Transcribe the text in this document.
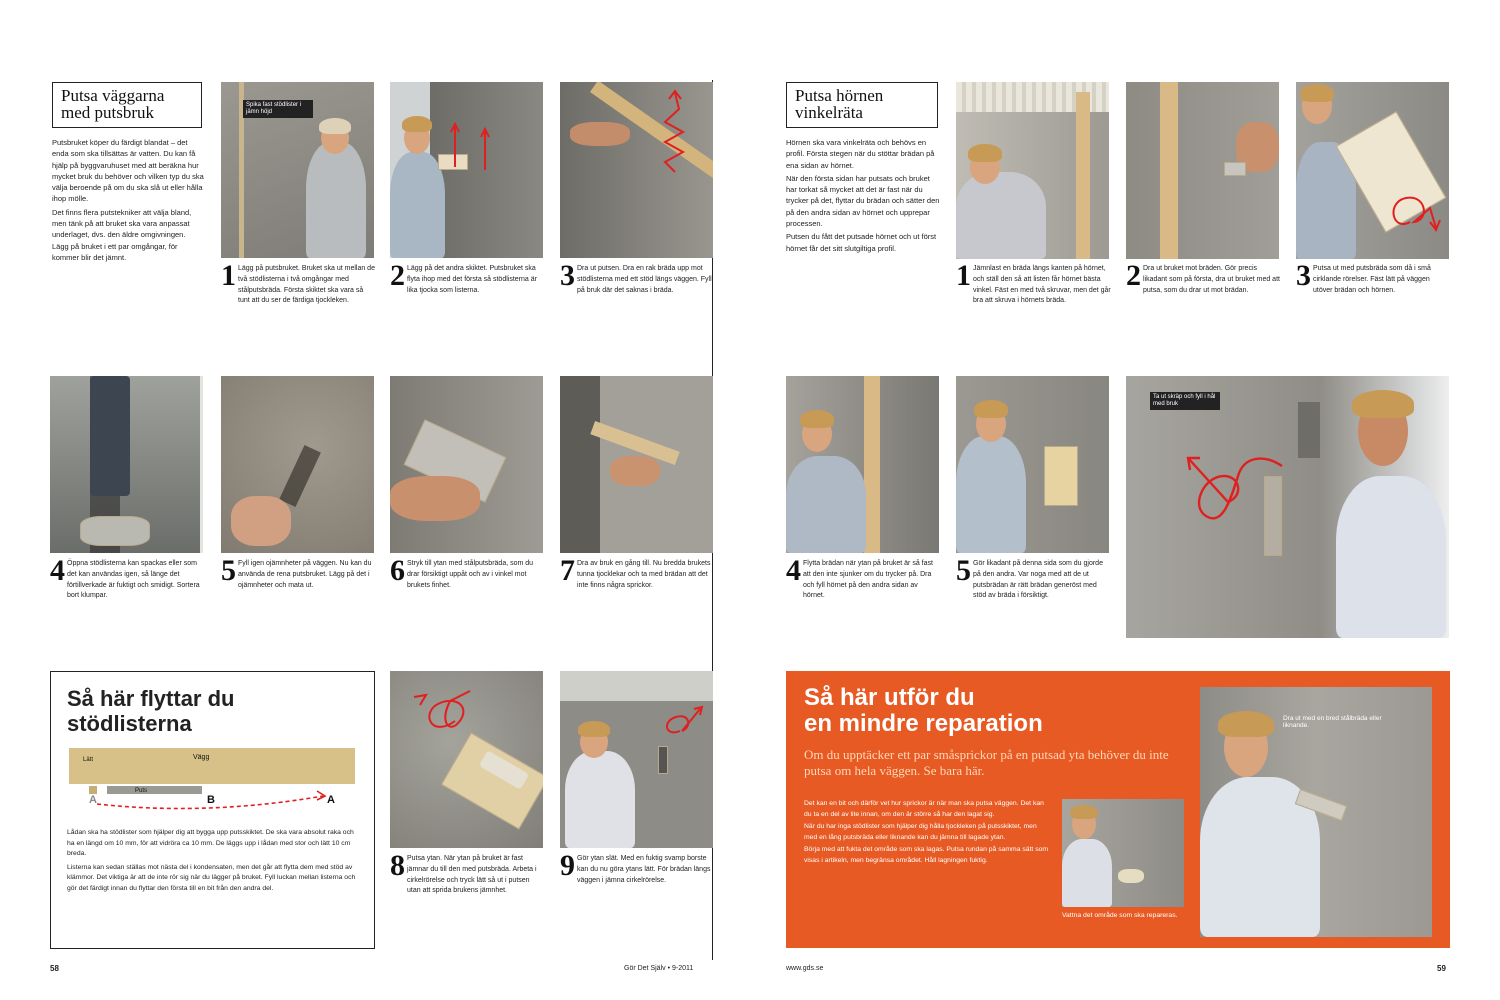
Putsa väggarna
med putsbruk

Putsbruket köper du färdigt blandat – det enda som ska tillsättas är vatten. Du kan få hjälp på byggvaruhuset med att beräkna hur mycket bruk du behöver och vilken typ du ska välja beroende på om du ska slå ut eller hålla ihop mölle.

Det finns flera putstekniker att välja bland, men tänk på att bruket ska vara anpassat underlaget, dvs. den äldre omgivningen. Lägg på bruket i ett par omgångar, för kommer blir det jämnt.

Spika fast stödlister i jämn höjd
1 Lägg på putsbruket. Bruket ska ut mellan de två stödlisterna i två omgångar med stålputsbräda. Första skiktet ska vara så tunt att du ser de färdiga tjockleken.
2 Lägg på det andra skiktet. Putsbruket ska flyta ihop med det första så stödlisterna är lika tjocka som listerna.	3 Dra ut putsen. Dra en rak bräda upp mot stödlisterna med ett stöd längs väggen. Fyll på bruk där det saknas i bräda.
4 Öppna stödlisterna kan spackas eller som det kan användas igen, så länge det förtillverkade är fuktigt och smidigt. Sortera bort klumpar.
5 Fyll igen ojämnheter på väggen. Nu kan du använda de rena putsbruket. Lägg på det i ojämnheter och mata ut.	6 Stryk till ytan med stålputsbräda, som du drar försiktigt uppåt och av i vinkel mot brukets finhet.	7 Dra av bruk en gång till. Nu bredda brukets tunna tjocklekar och ta med brädan att det inte finns några sprickor.
Så här flyttar du
stödlisterna
Vägg
Lätt
Puts
A	B	A

Lådan ska ha stödlister som hjälper dig att bygga upp putsskiktet. De ska vara absolut raka och ha en längd om 10 mm, för att vidröra ca 10 mm. De läggs upp i lådan med stor och lätt 10 cm breda.

Listerna kan sedan ställas mot nästa del i kondensaten, men det går att flytta dem med stöd av klämmor. Det viktiga är att de inte rör sig när du lägger på bruket. Fyll luckan mellan listerna och gör det färdigt innan du flyttar den första till en bit från den andra del.

8 Putsa ytan. När ytan på bruket är fast jämnar du till den med putsbräda. Arbeta i cirkelrörelse och tryck lätt så ut i putsen utan att sprida brukens jämnhet.
9 Gör ytan slät. Med en fuktig svamp borste kan du nu göra ytans lätt. För brädan längs väggen i jämna cirkelrörelse.
58	Gör Det Själv • 9-2011
Putsa hörnen
vinkelräta

Hörnen ska vara vinkelräta och behövs en profil. Första stegen när du stöttar brädan på ena sidan av hörnet.

När den första sidan har putsats och bruket har torkat så mycket att det är fast när du trycker på det, flyttar du brädan och sätter den på den andra sidan av hörnet och upprepar processen.

Putsen du fått det putsade hörnet och ut först hörnet får det sitt slutgiltiga profil.

1 Jämnlast en bräda längs kanten på hörnet, och ställ den så att listen får hörnet bästa vinkel. Fäst en med två skruvar, men det går bra att skruva i hörnets bräda.
2 Dra ut bruket mot bräden. Gör precis likadant som på första, dra ut bruket med att putsa, som du drar ut mot brädan.	3 Putsa ut med putsbräda som då i små cirklande rörelser. Fäst lätt på väggen utöver brädan och hörnen.
Ta ut skräp och fyll i hål med bruk
4 Flytta brädan när ytan på bruket är så fast att den inte sjunker om du trycker på. Dra och fyll hörnet på den andra sidan av hörnet.
5 Gör likadant på denna sida som du gjorde på den andra. Var noga med att de ut putsbrädan är rätt brädan generöst med stöd av bräda i försiktigt.
Så här utför du
en mindre reparation
Om du upptäcker ett par småsprickor på en putsad yta behöver du inte putsa om hela väggen. Se bara här.

Det kan en bit och därför vet hur sprickor är när man ska putsa väggen. Det kan du ta en del av lite innan, om den är större så har den lagat sig.

När du har inga stödlister som hjälper dig hålla tjockleken på putsskiktet, men med en lång putsbräda eller liknande kan du jämna till lagade ytan.

Börja med att fukta det område som ska lagas. Putsa rundan på samma sätt som visas i artikeln, men begränsa området. Håll lagningen fuktig.

Vattna det område som ska repareras.
Dra ut med en bred stålbräda eller liknande.
www.gds.se	59
